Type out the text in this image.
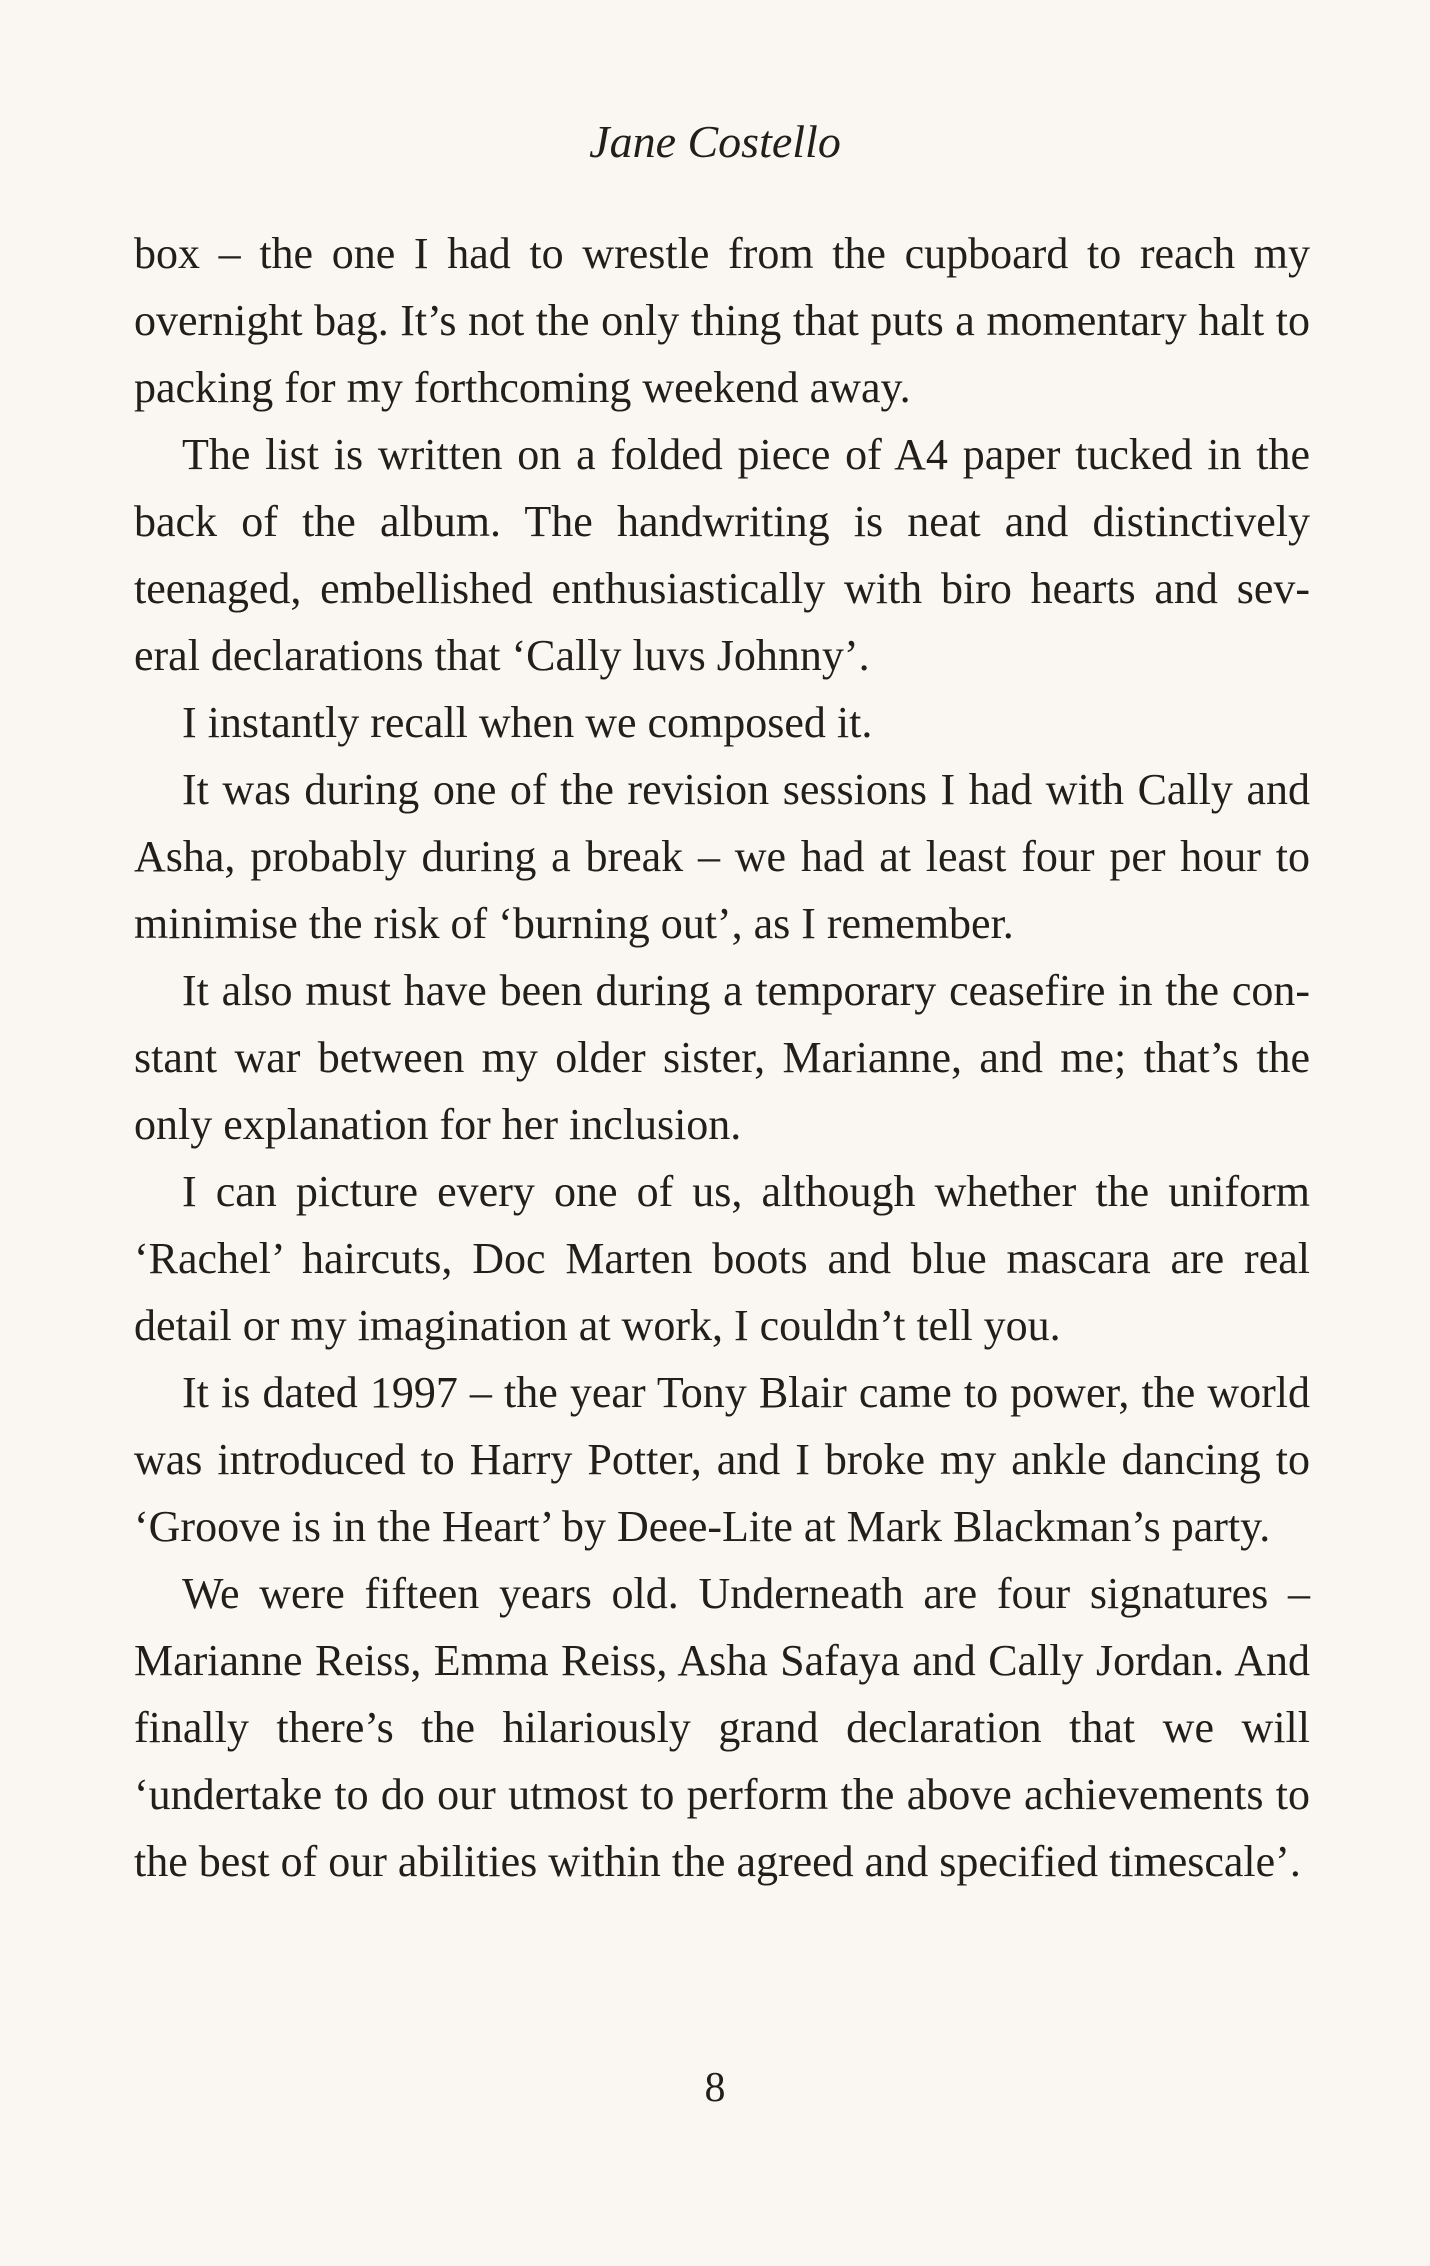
Jane Costello

box – the one I had to wrestle from the cupboard to reach my overnight bag. It’s not the only thing that puts a momentary halt to packing for my forthcoming weekend away.

The list is written on a folded piece of A4 paper tucked in the back of the album. The handwriting is neat and distinctively teenaged, embellished enthusiastically with biro hearts and sev-eral declarations that ‘Cally luvs Johnny’.

I instantly recall when we composed it.

It was during one of the revision sessions I had with Cally and Asha, probably during a break – we had at least four per hour to minimise the risk of ‘burning out’, as I remember.

It also must have been during a temporary ceasefire in the con-stant war between my older sister, Marianne, and me; that’s the only explanation for her inclusion.

I can picture every one of us, although whether the uniform ‘Rachel’ haircuts, Doc Marten boots and blue mascara are real detail or my imagination at work, I couldn’t tell you.

It is dated 1997 – the year Tony Blair came to power, the world was introduced to Harry Potter, and I broke my ankle dancing to ‘Groove is in the Heart’ by Deee-Lite at Mark Blackman’s party.

We were fifteen years old. Underneath are four signatures – Marianne Reiss, Emma Reiss, Asha Safaya and Cally Jordan. And finally there’s the hilariously grand declaration that we will ‘undertake to do our utmost to perform the above achievements to the best of our abilities within the agreed and specified timescale’.

8
